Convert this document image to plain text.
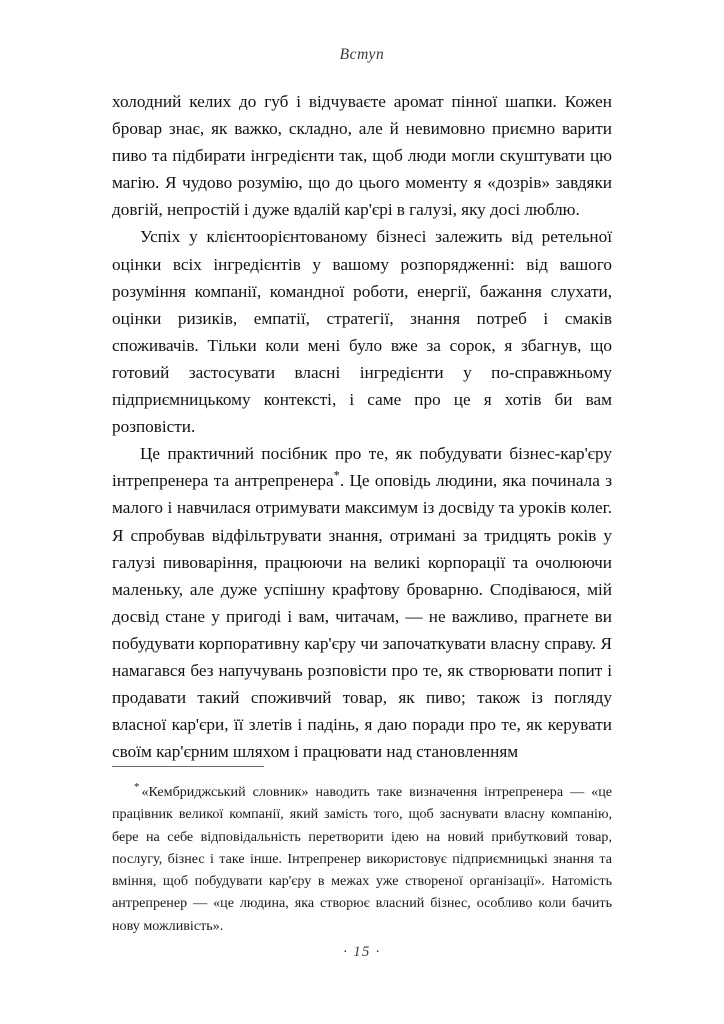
Вступ

холодний келих до губ і відчуваєте аромат пінної шапки. Кожен бровар знає, як важко, складно, але й невимовно приємно варити пиво та підбирати інгредієнти так, щоб люди могли скуштувати цю магію. Я чудово розумію, що до цього моменту я «дозрів» завдяки довгій, непростій і дуже вдалій кар'єрі в галузі, яку досі люблю.

Успіх у клієнтоорієнтованому бізнесі залежить від ретельної оцінки всіх інгредієнтів у вашому розпорядженні: від вашого розуміння компанії, командної роботи, енергії, бажання слухати, оцінки ризиків, емпатії, стратегії, знання потреб і смаків споживачів. Тільки коли мені було вже за сорок, я збагнув, що готовий застосувати власні інгредієнти у по-справжньому підприємницькому контексті, і саме про це я хотів би вам розповісти.

Це практичний посібник про те, як побудувати бізнес-кар'єру інтрепренера та антрепренера*. Це оповідь людини, яка починала з малого і навчилася отримувати максимум із досвіду та уроків колег. Я спробував відфільтрувати знання, отримані за тридцять років у галузі пивоваріння, працюючи на великі корпорації та очолюючи маленьку, але дуже успішну крафтову броварню. Сподіваюся, мій досвід стане у пригоді і вам, читачам, — не важливо, прагнете ви побудувати корпоративну кар'єру чи започаткувати власну справу. Я намагався без напучувань розповісти про те, як створювати попит і продавати такий споживчий товар, як пиво; також із погляду власної кар'єри, її злетів і падінь, я даю поради про те, як керувати своїм кар'єрним шляхом і працювати над становленням

* «Кембриджський словник» наводить таке визначення інтрепренера — «це працівник великої компанії, який замість того, щоб заснувати власну компанію, бере на себе відповідальність перетворити ідею на новий прибутковий товар, послугу, бізнес і таке інше. Інтрепренер використовує підприємницькі знання та вміння, щоб побудувати кар'єру в межах уже створеної організації». Натомість антрепренер — «це людина, яка створює власний бізнес, особливо коли бачить нову можливість».

· 15 ·
